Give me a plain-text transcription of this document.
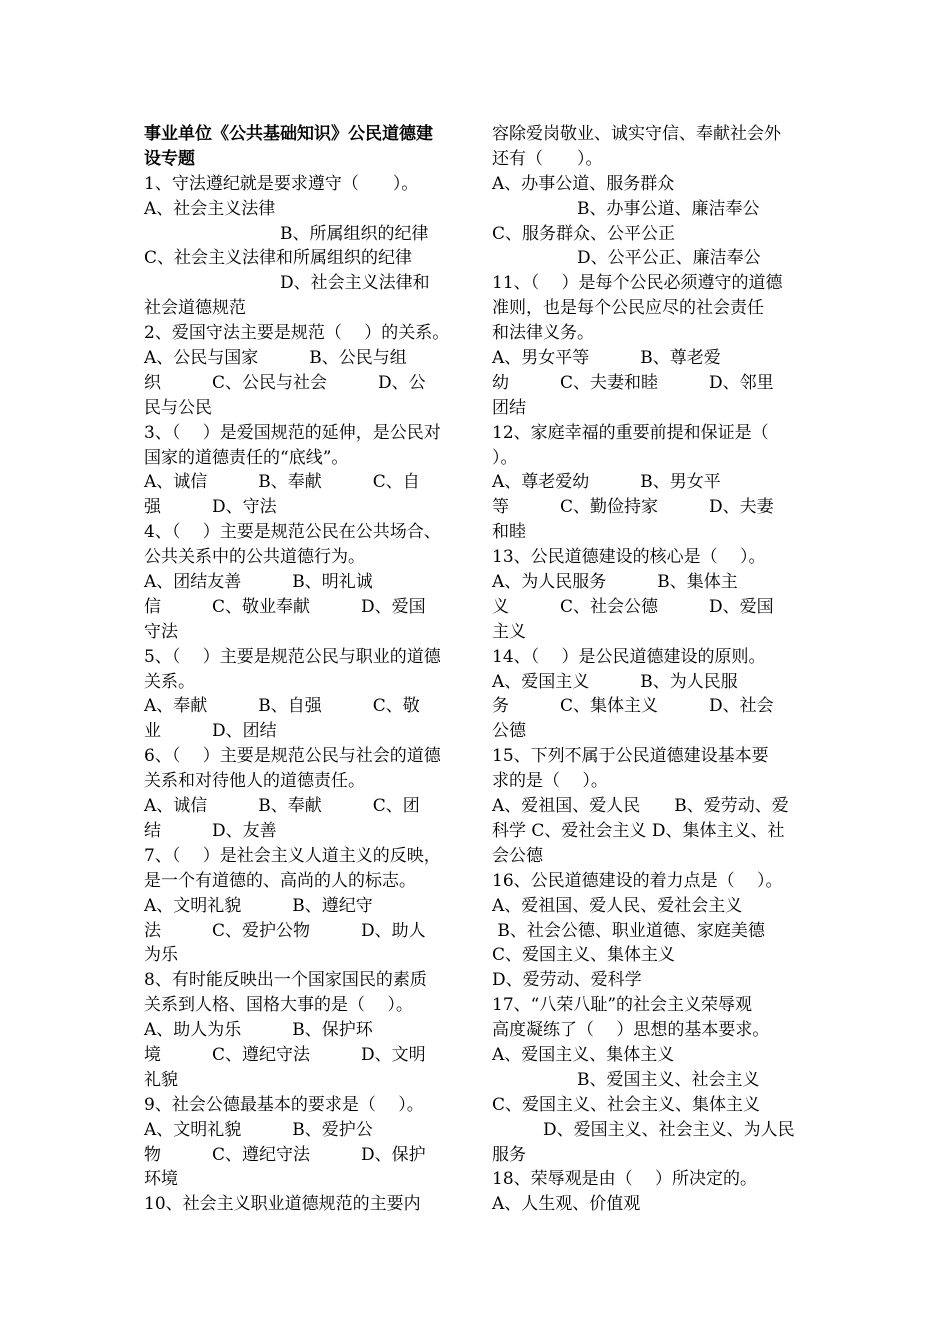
事业单位《公共基础知识》公民道德建
设专题
1、守法遵纪就是要求遵守（　　）。
A、社会主义法律
　　　　　　　　B、所属组织的纪律
C、社会主义法律和所属组织的纪律
　　　　　　　　D、社会主义法律和
社会道德规范
2、爱国守法主要是规范（　 ）的关系。
A、公民与国家　　　B、公民与组
织　　　C、公民与社会　　　D、公
民与公民
3、（　 ）是爱国规范的延伸，是公民对
国家的道德责任的“底线”。
A、诚信　　　B、奉献　　　C、自
强　　　D、守法
4、（　 ）主要是规范公民在公共场合、
公共关系中的公共道德行为。
A、团结友善　　　B、明礼诚
信　　　C、敬业奉献　　　D、爱国
守法
5、（　 ）主要是规范公民与职业的道德
关系。
A、奉献　　　B、自强　　　C、敬
业　　　D、团结
6、（　 ）主要是规范公民与社会的道德
关系和对待他人的道德责任。
A、诚信　　　B、奉献　　　C、团
结　　　D、友善
7、（　 ）是社会主义人道主义的反映，
是一个有道德的、高尚的人的标志。
A、文明礼貌　　　B、遵纪守
法　　　C、爱护公物　　　D、助人
为乐
8、有时能反映出一个国家国民的素质
关系到人格、国格大事的是（　 ）。
A、助人为乐　　　B、保护环
境　　　C、遵纪守法　　　D、文明
礼貌
9、社会公德最基本的要求是（　 ）。
A、文明礼貌　　　B、爱护公
物　　　C、遵纪守法　　　D、保护
环境
10、社会主义职业道德规范的主要内
容除爱岗敬业、诚实守信、奉献社会外
还有（　　）。
A、办事公道、服务群众
　　　　　B、办事公道、廉洁奉公
C、服务群众、公平公正
　　　　　D、公平公正、廉洁奉公
11、（　 ）是每个公民必须遵守的道德
准则，也是每个公民应尽的社会责任
和法律义务。
A、男女平等　　　B、尊老爱
幼　　　C、夫妻和睦　　　D、邻里
团结
12、家庭幸福的重要前提和保证是（
）。
A、尊老爱幼　　　B、男女平
等　　　C、勤俭持家　　　D、夫妻
和睦
13、公民道德建设的核心是（　 ）。
A、为人民服务　　　B、集体主
义　　　C、社会公德　　　D、爱国
主义
14、（　 ）是公民道德建设的原则。
A、爱国主义　　　B、为人民服
务　　　C、集体主义　　　D、社会
公德
15、下列不属于公民道德建设基本要
求的是（　 ）。
A、爱祖国、爱人民　　B、爱劳动、爱
科学 C、爱社会主义 D、集体主义、社
会公德
16、公民道德建设的着力点是（　 ）。
A、爱祖国、爱人民、爱社会主义
B、社会公德、职业道德、家庭美德
C、爱国主义、集体主义
D、爱劳动、爱科学
17、“八荣八耻”的社会主义荣辱观
高度凝练了（　 ）思想的基本要求。
A、爱国主义、集体主义
　　　　　B、爱国主义、社会主义
C、爱国主义、社会主义、集体主义
　　　D、爱国主义、社会主义、为人民
服务
18、荣辱观是由（　 ）所决定的。
A、人生观、价值观
